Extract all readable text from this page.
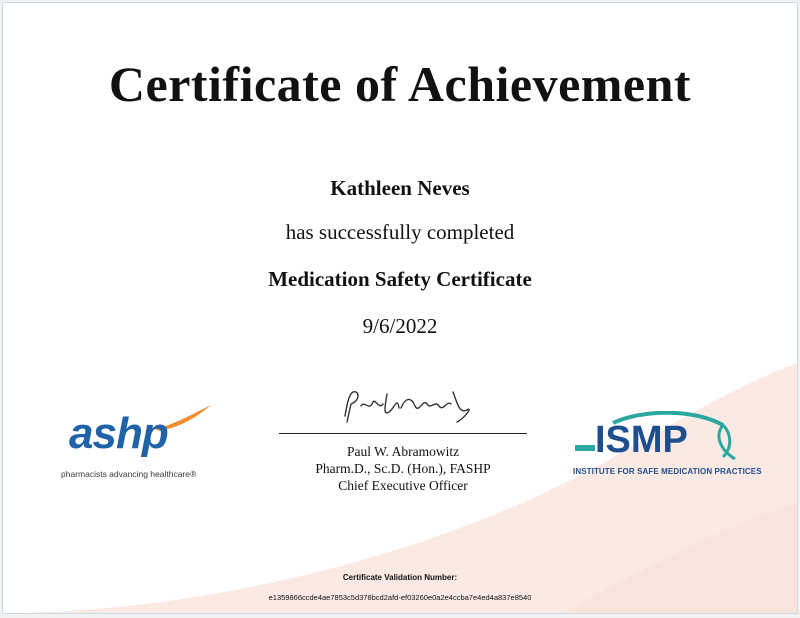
Certificate of Achievement
Kathleen Neves
has successfully completed
Medication Safety Certificate
9/6/2022
Paul W. Abramowitz
Pharm.D., Sc.D. (Hon.), FASHP
Chief Executive Officer
ashp
pharmacists advancing healthcare®
ISMP
INSTITUTE FOR SAFE MEDICATION PRACTICES
Certificate Validation Number:
e1359866ccde4ae7853c5d378bcd2afd-ef03260e0a2e4ccba7e4ed4a837e8540
